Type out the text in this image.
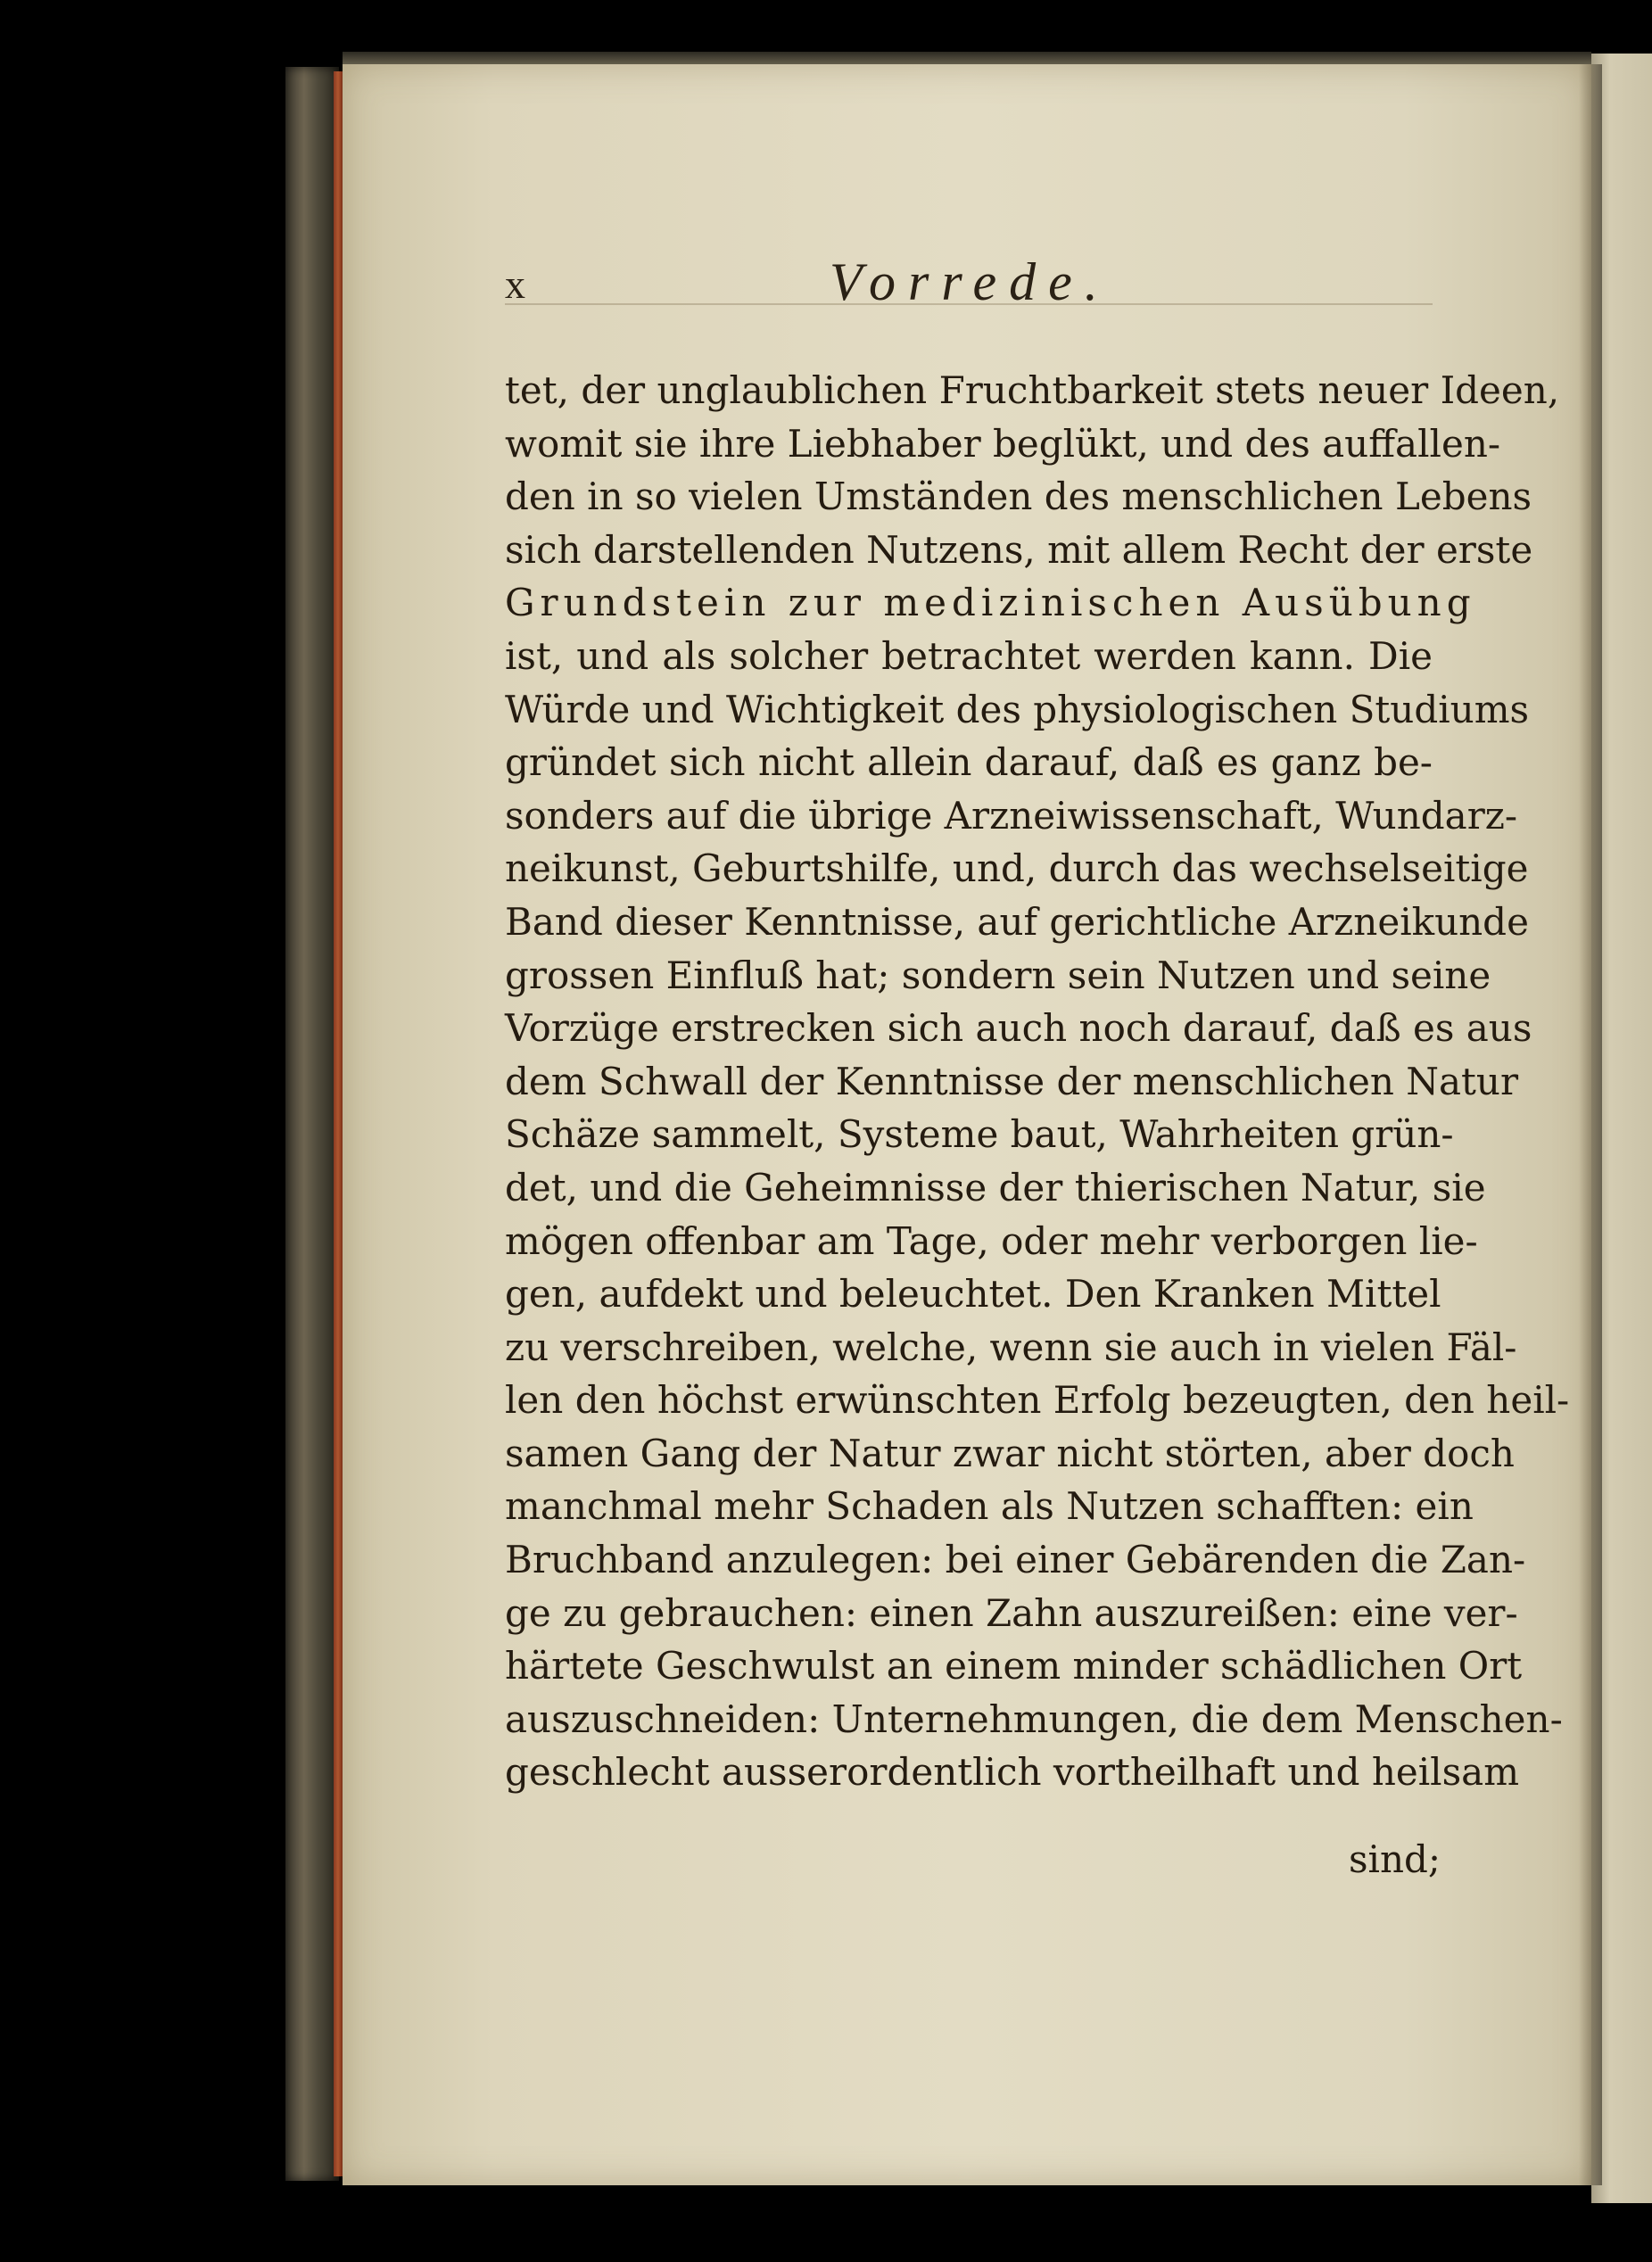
x	Vorrede.
tet, der unglaublichen Fruchtbarkeit stets neuer Ideen,
womit sie ihre Liebhaber beglükt, und des auffallen-
den in so vielen Umständen des menschlichen Lebens
sich darstellenden Nutzens, mit allem Recht der erste
Grundstein zur medizinischen Ausübung
ist, und als solcher betrachtet werden kann. Die
Würde und Wichtigkeit des physiologischen Studiums
gründet sich nicht allein darauf, daß es ganz be-
sonders auf die übrige Arzneiwissenschaft, Wundarz-
neikunst, Geburtshilfe, und, durch das wechselseitige
Band dieser Kenntnisse, auf gerichtliche Arzneikunde
grossen Einfluß hat; sondern sein Nutzen und seine
Vorzüge erstrecken sich auch noch darauf, daß es aus
dem Schwall der Kenntnisse der menschlichen Natur
Schäze sammelt, Systeme baut, Wahrheiten grün-
det, und die Geheimnisse der thierischen Natur, sie
mögen offenbar am Tage, oder mehr verborgen lie-
gen, aufdekt und beleuchtet. Den Kranken Mittel
zu verschreiben, welche, wenn sie auch in vielen Fäl-
len den höchst erwünschten Erfolg bezeugten, den heil-
samen Gang der Natur zwar nicht störten, aber doch
manchmal mehr Schaden als Nutzen schafften: ein
Bruchband anzulegen: bei einer Gebärenden die Zan-
ge zu gebrauchen: einen Zahn auszureißen: eine ver-
härtete Geschwulst an einem minder schädlichen Ort
auszuschneiden: Unternehmungen, die dem Menschen-
geschlecht ausserordentlich vortheilhaft und heilsam
sind;
